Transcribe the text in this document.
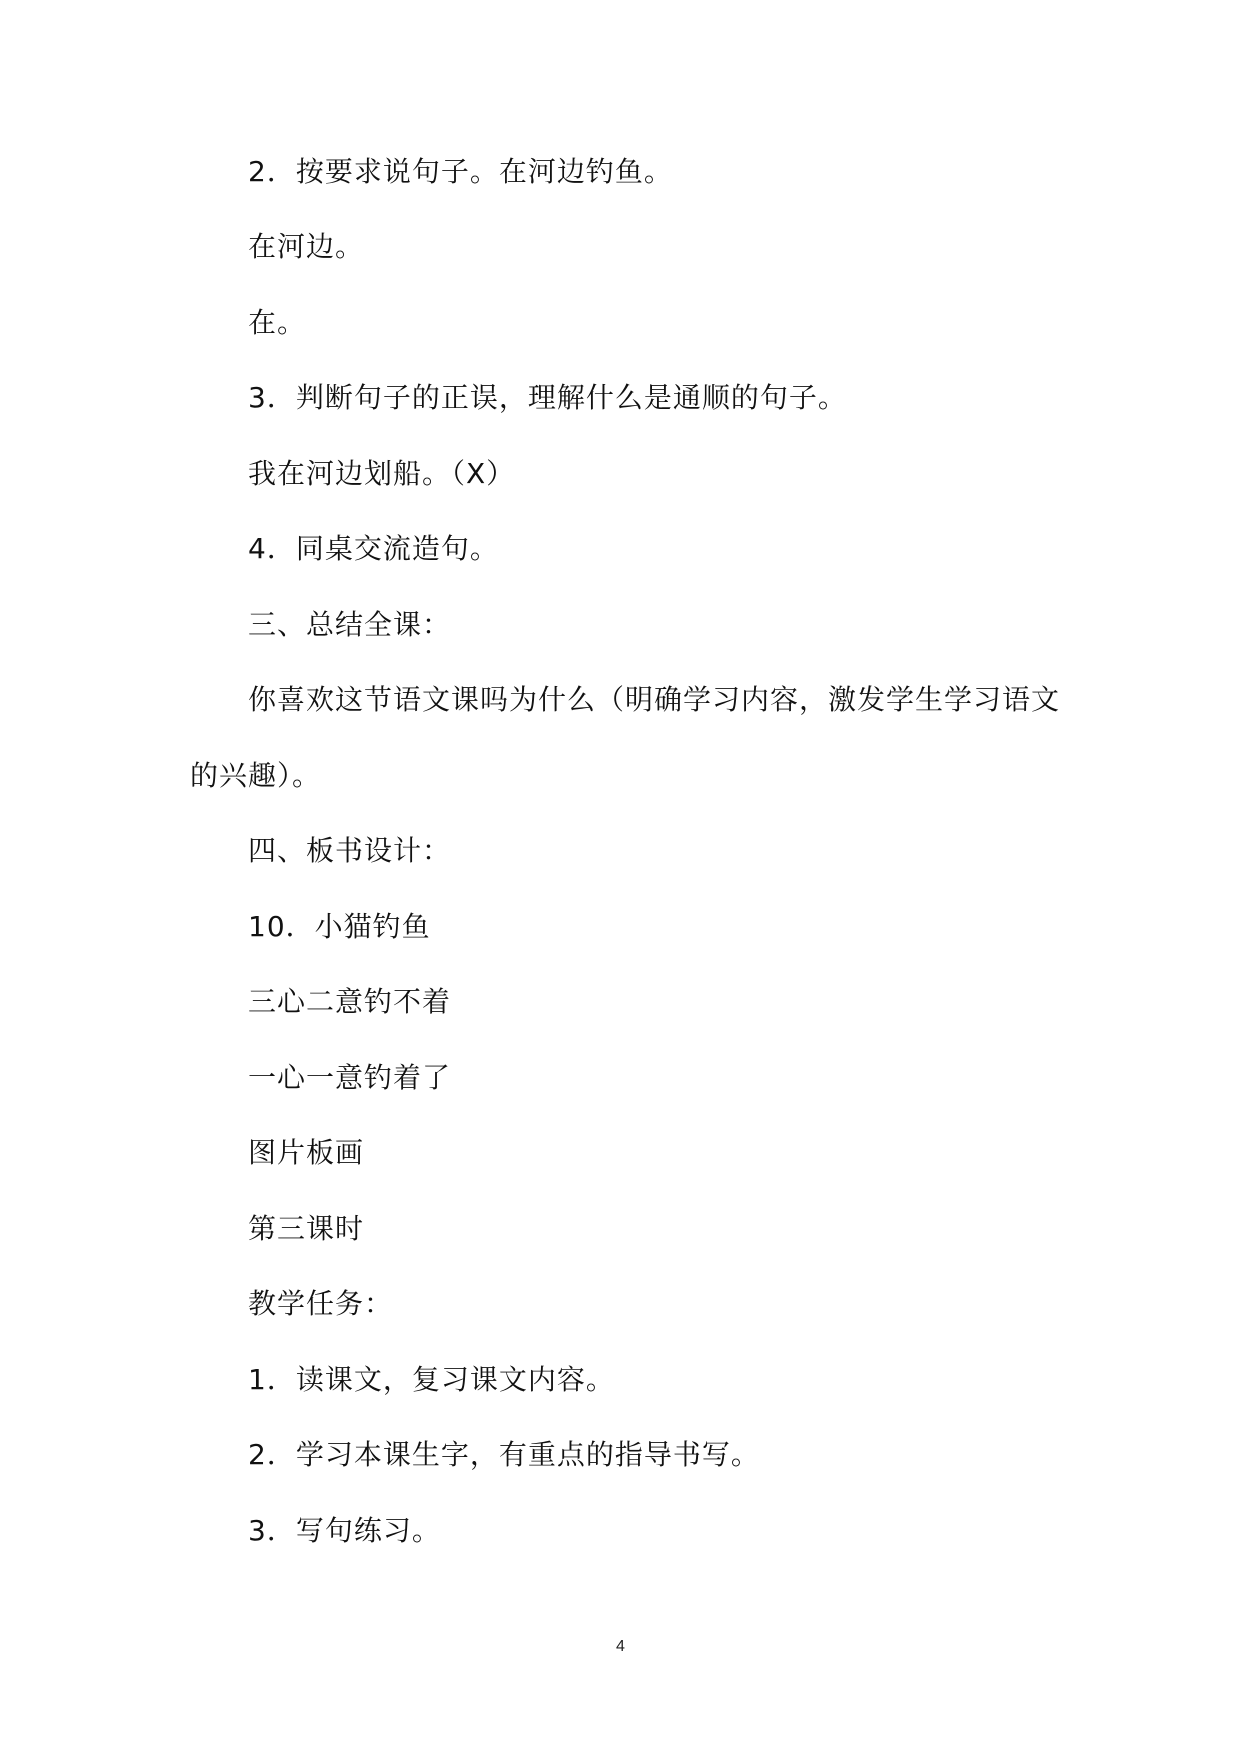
2．按要求说句子。在河边钓鱼。
在河边。
在。
3．判断句子的正误，理解什么是通顺的句子。
我在河边划船。（X）
4．同桌交流造句。
三、总结全课：
你喜欢这节语文课吗为什么（明确学习内容，激发学生学习语文
的兴趣）。
四、板书设计：
10．小猫钓鱼
三心二意钓不着
一心一意钓着了
图片板画
第三课时
教学任务：
1．读课文，复习课文内容。
2．学习本课生字，有重点的指导书写。
3．写句练习。
4
